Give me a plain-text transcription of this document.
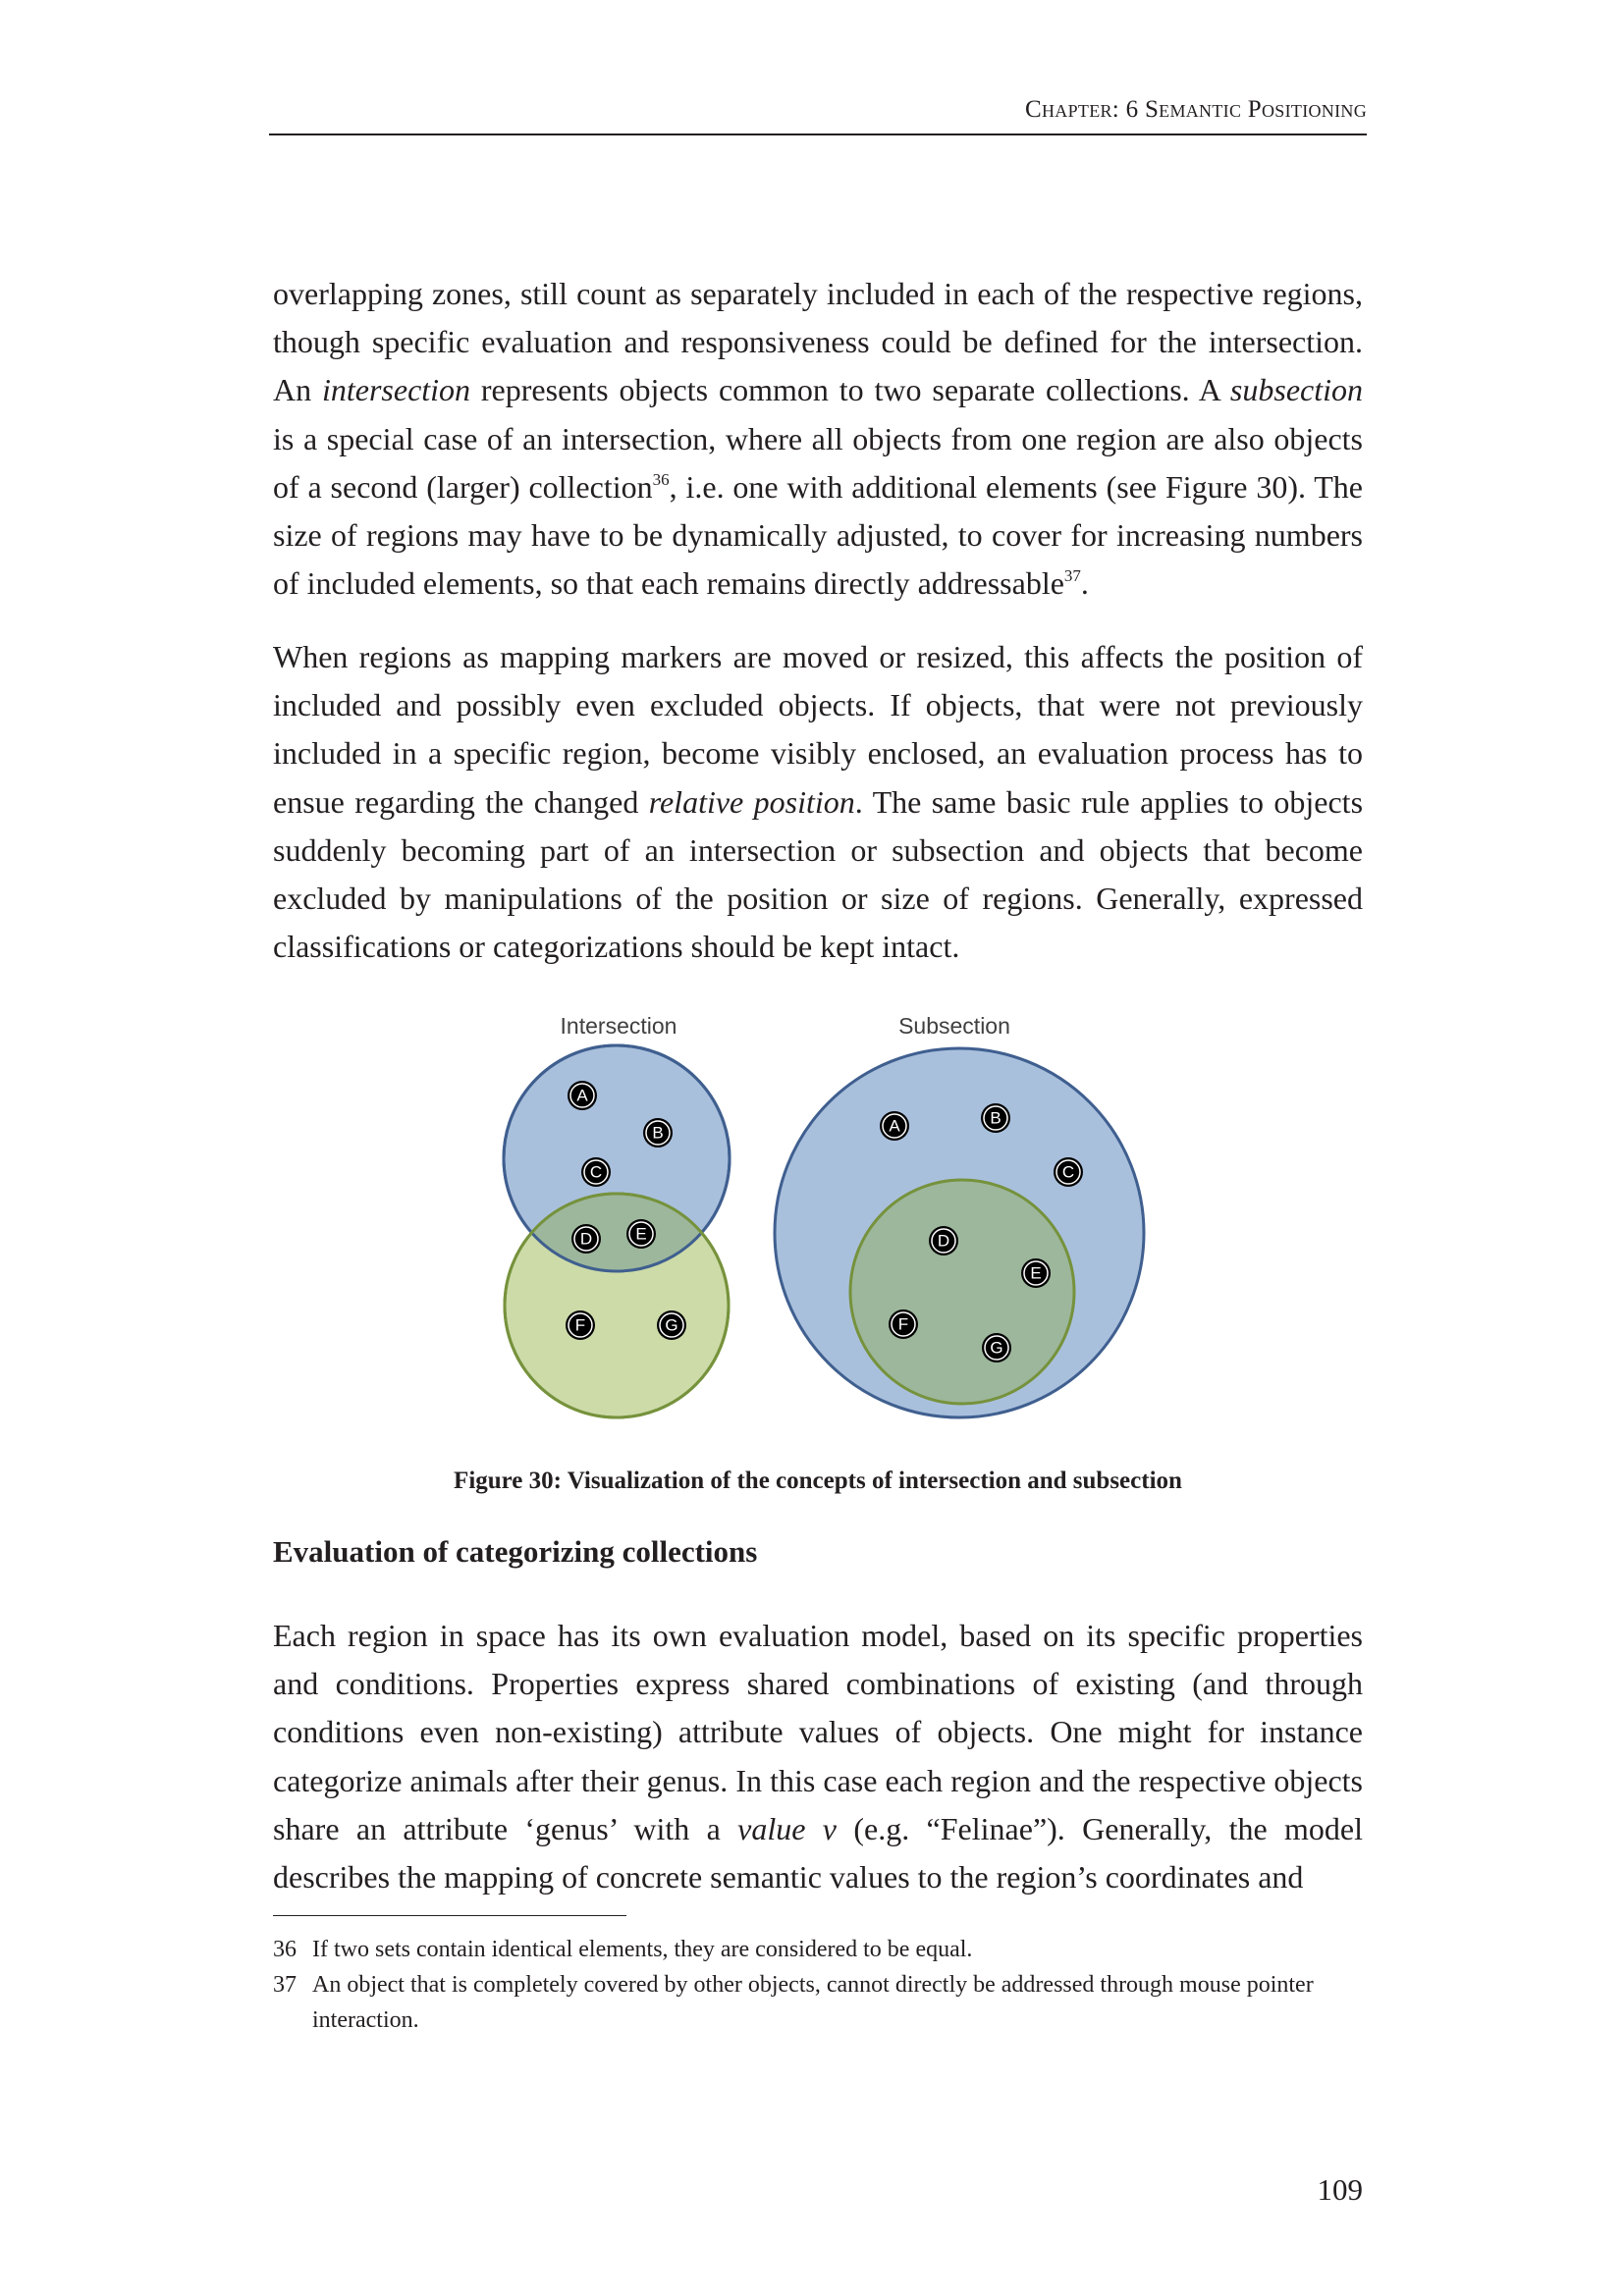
Chapter: 6 Semantic Positioning

overlapping zones, still count as separately included in each of the respective regions, though specific evaluation and responsiveness could be defined for the intersection. An intersection represents objects common to two separate collections. A subsection is a special case of an intersection, where all objects from one region are also objects of a second (larger) collection$^{36}$, i.e. one with additional elements (see Figure 30). The size of regions may have to be dynamically adjusted, to cover for increasing numbers of included elements, so that each remains directly addressable$^{37}$.

When regions as mapping markers are moved or resized, this affects the position of included and possibly even excluded objects. If objects, that were not previously included in a specific region, become visibly enclosed, an evaluation process has to ensue regarding the changed relative position. The same basic rule applies to objects suddenly becoming part of an intersection or subsection and objects that become excluded by manipulations of the position or size of regions. Generally, expressed classifications or categorizations should be kept intact.

Intersection	Subsection
A
B
C
D	E
F	G
A	B
C
D
E
F
G
Figure 30: Visualization of the concepts of intersection and subsection
Evaluation of categorizing collections

Each region in space has its own evaluation model, based on its specific properties and conditions. Properties express shared combinations of existing (and through conditions even non-existing) attribute values of objects. One might for instance categorize animals after their genus. In this case each region and the respective objects share an attribute ‘genus’ with a value v (e.g. “Felinae”). Generally, the model describes the mapping of concrete semantic values to the region’s coordinates and

36 If two sets contain identical elements, they are considered to be equal.
37 An object that is completely covered by other objects, cannot directly be addressed through mouse pointer interaction.
109
